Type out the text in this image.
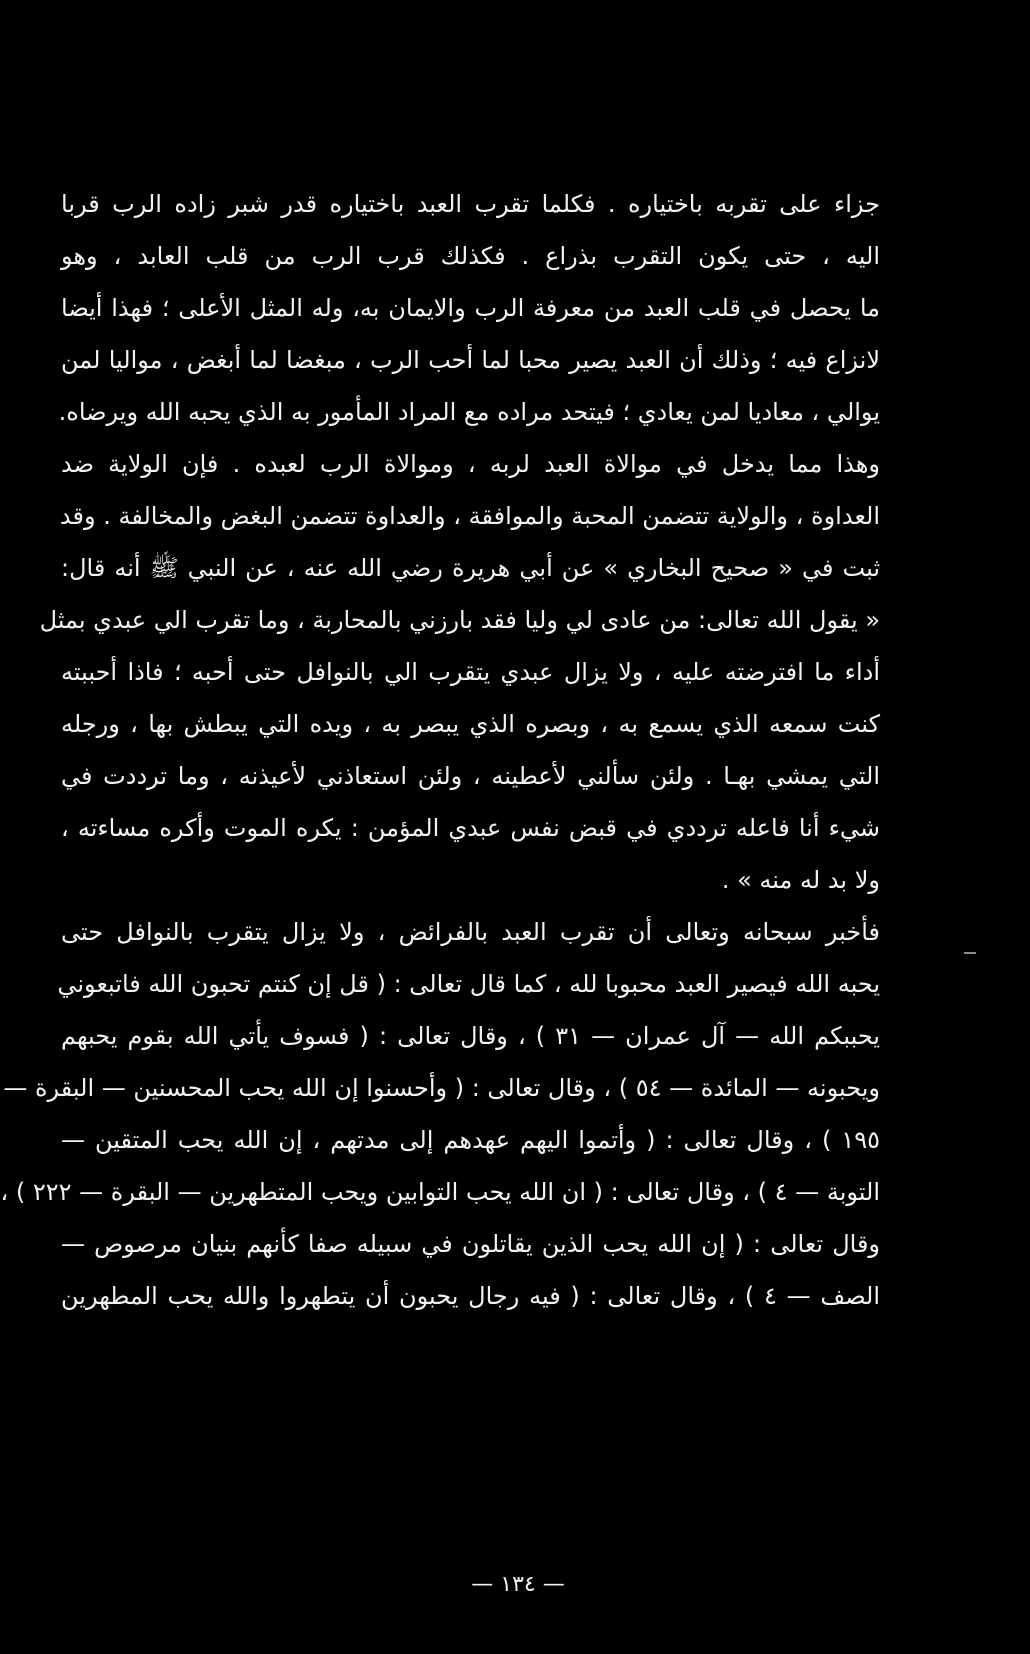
جزاء على تقربه باختياره . فكلما تقرب العبد باختياره قدر شبر زاده الرب قربا
اليه ، حتى يكون التقرب بذراع . فكذلك قرب الرب من قلب العابد ، وهو
ما يحصل في قلب العبد من معرفة الرب والايمان به، وله المثل الأعلى ؛ فهذا أيضا
لانزاع فيه ؛ وذلك أن العبد يصير محبا لما أحب الرب ، مبغضا لما أبغض ، مواليا لمن
يوالي ، معاديا لمن يعادي ؛ فيتحد مراده مع المراد المأمور به الذي يحبه الله ويرضاه.
وهذا مما يدخل في موالاة العبد لربه ، وموالاة الرب لعبده . فإن الولاية ضد
العداوة ، والولاية تتضمن المحبة والموافقة ، والعداوة تتضمن البغض والمخالفة . وقد
ثبت في « صحيح البخاري » عن أبي هريرة رضي الله عنه ، عن النبي ﷺ أنه قال:
« يقول الله تعالى: من عادى لي وليا فقد بارزني بالمحاربة ، وما تقرب الي عبدي بمثل
أداء ما افترضته عليه ، ولا يزال عبدي يتقرب الي بالنوافل حتى أحبه ؛ فاذا أحببته
كنت سمعه الذي يسمع به ، وبصره الذي يبصر به ، ويده التي يبطش بها ، ورجله
التي يمشي بهـا . ولئن سألني لأعطينه ، ولئن استعاذني لأعيذنه ، وما ترددت في
شيء أنا فاعله ترددي في قبض نفس عبدي المؤمن : يكره الموت وأكره مساءته ،
ولا بد له منه » .
فأخبر سبحانه وتعالى أن تقرب العبد بالفرائض ، ولا يزال يتقرب بالنوافل حتى
يحبه الله فيصير العبد محبوبا لله ، كما قال تعالى : ( قل إن كنتم تحبون الله فاتبعوني
يحببكم الله — آل عمران — ٣١ ) ، وقال تعالى : ( فسوف يأتي الله بقوم يحبهم
ويحبونه — المائدة — ٥٤ ) ، وقال تعالى : ( وأحسنوا إن الله يحب المحسنين — البقرة —
١٩٥ ) ، وقال تعالى : ( وأتموا اليهم عهدهم إلى مدتهم ، إن الله يحب المتقين —
التوبة — ٤ ) ، وقال تعالى : ( ان الله يحب التوابين ويحب المتطهرين — البقرة — ٢٢٢ ) ،
وقال تعالى : ( إن الله يحب الذين يقاتلون في سبيله صفا كأنهم بنيان مرصوص —
الصف — ٤ ) ، وقال تعالى : ( فيه رجال يحبون أن يتطهروا والله يحب المطهرين
— ١٣٤ —
